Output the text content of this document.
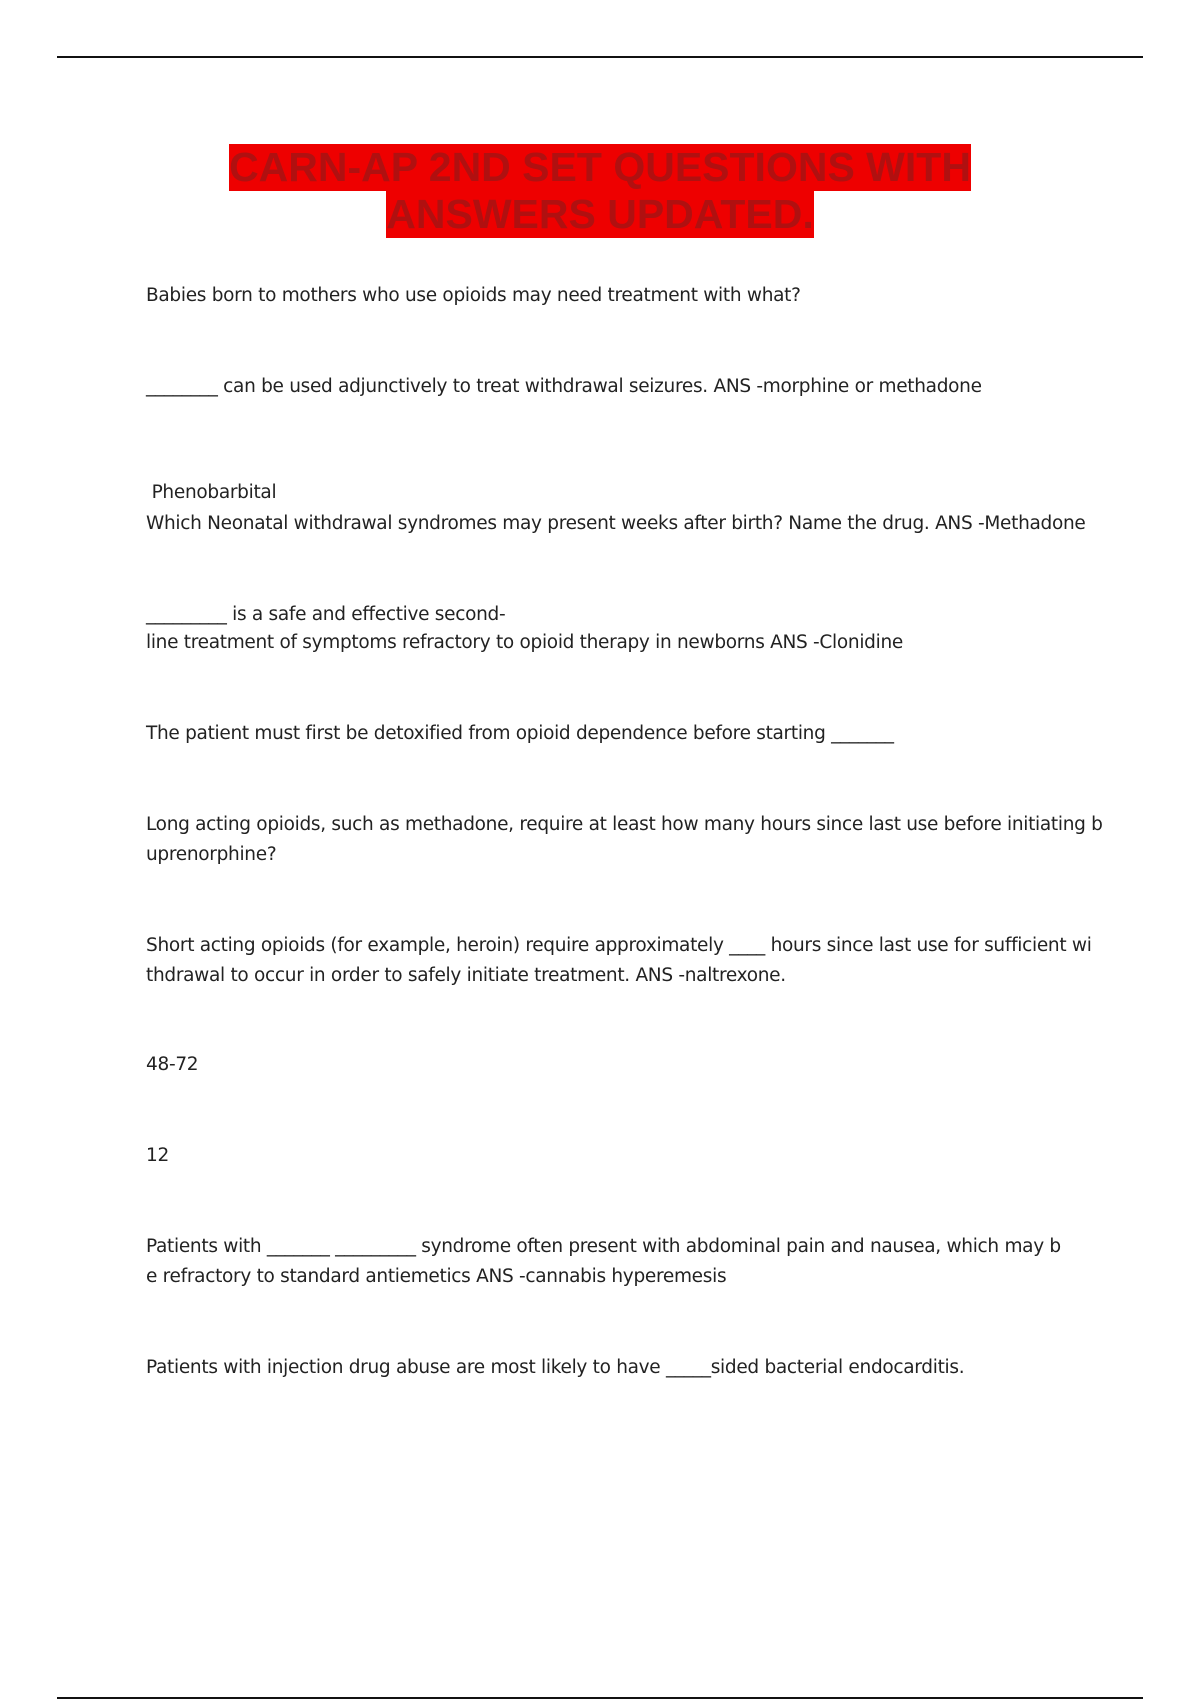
CARN-AP 2ND SET QUESTIONS WITH
ANSWERS UPDATED.
Babies born to mothers who use opioids may need treatment with what?
________ can be used adjunctively to treat withdrawal seizures. ANS -morphine or methadone

Phenobarbital

Which Neonatal withdrawal syndromes may present weeks after birth? Name the drug. ANS -Methadone
_________ is a safe and effective second-
line treatment of symptoms refractory to opioid therapy in newborns ANS -Clonidine
The patient must first be detoxified from opioid dependence before starting _______
Long acting opioids, such as methadone, require at least how many hours since last use before initiating b
uprenorphine?
Short acting opioids (for example, heroin) require approximately ____ hours since last use for sufficient wi
thdrawal to occur in order to safely initiate treatment. ANS -naltrexone.
48-72
12
Patients with _______ _________ syndrome often present with abdominal pain and nausea, which may b
e refractory to standard antiemetics ANS -cannabis hyperemesis
Patients with injection drug abuse are most likely to have _____sided bacterial endocarditis.
